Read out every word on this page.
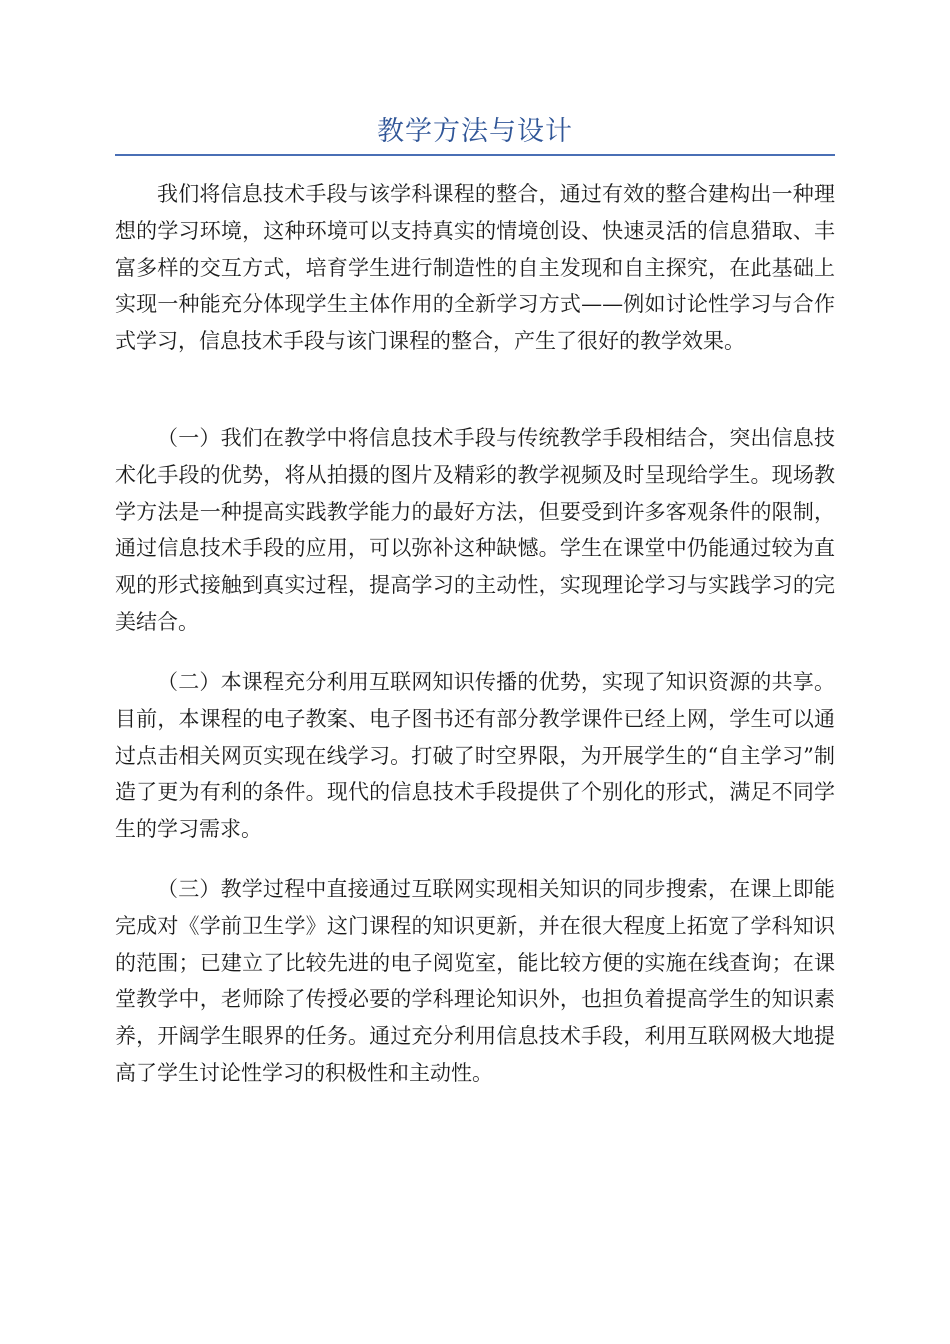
教学方法与设计

我们将信息技术手段与该学科课程的整合，通过有效的整合建构出一种理想的学习环境，这种环境可以支持真实的情境创设、快速灵活的信息猎取、丰富多样的交互方式，培育学生进行制造性的自主发现和自主探究，在此基础上实现一种能充分体现学生主体作用的全新学习方式——例如讨论性学习与合作式学习，信息技术手段与该门课程的整合，产生了很好的教学效果。

（一）我们在教学中将信息技术手段与传统教学手段相结合，突出信息技术化手段的优势，将从拍摄的图片及精彩的教学视频及时呈现给学生。现场教学方法是一种提高实践教学能力的最好方法，但要受到许多客观条件的限制，通过信息技术手段的应用，可以弥补这种缺憾。学生在课堂中仍能通过较为直观的形式接触到真实过程，提高学习的主动性，实现理论学习与实践学习的完美结合。

（二）本课程充分利用互联网知识传播的优势，实现了知识资源的共享。目前，本课程的电子教案、电子图书还有部分教学课件已经上网，学生可以通过点击相关网页实现在线学习。打破了时空界限，为开展学生的“自主学习”制造了更为有利的条件。现代的信息技术手段提供了个别化的形式，满足不同学生的学习需求。

（三）教学过程中直接通过互联网实现相关知识的同步搜索，在课上即能完成对《学前卫生学》这门课程的知识更新，并在很大程度上拓宽了学科知识的范围；已建立了比较先进的电子阅览室，能比较方便的实施在线查询；在课堂教学中，老师除了传授必要的学科理论知识外，也担负着提高学生的知识素养，开阔学生眼界的任务。通过充分利用信息技术手段，利用互联网极大地提高了学生讨论性学习的积极性和主动性。
